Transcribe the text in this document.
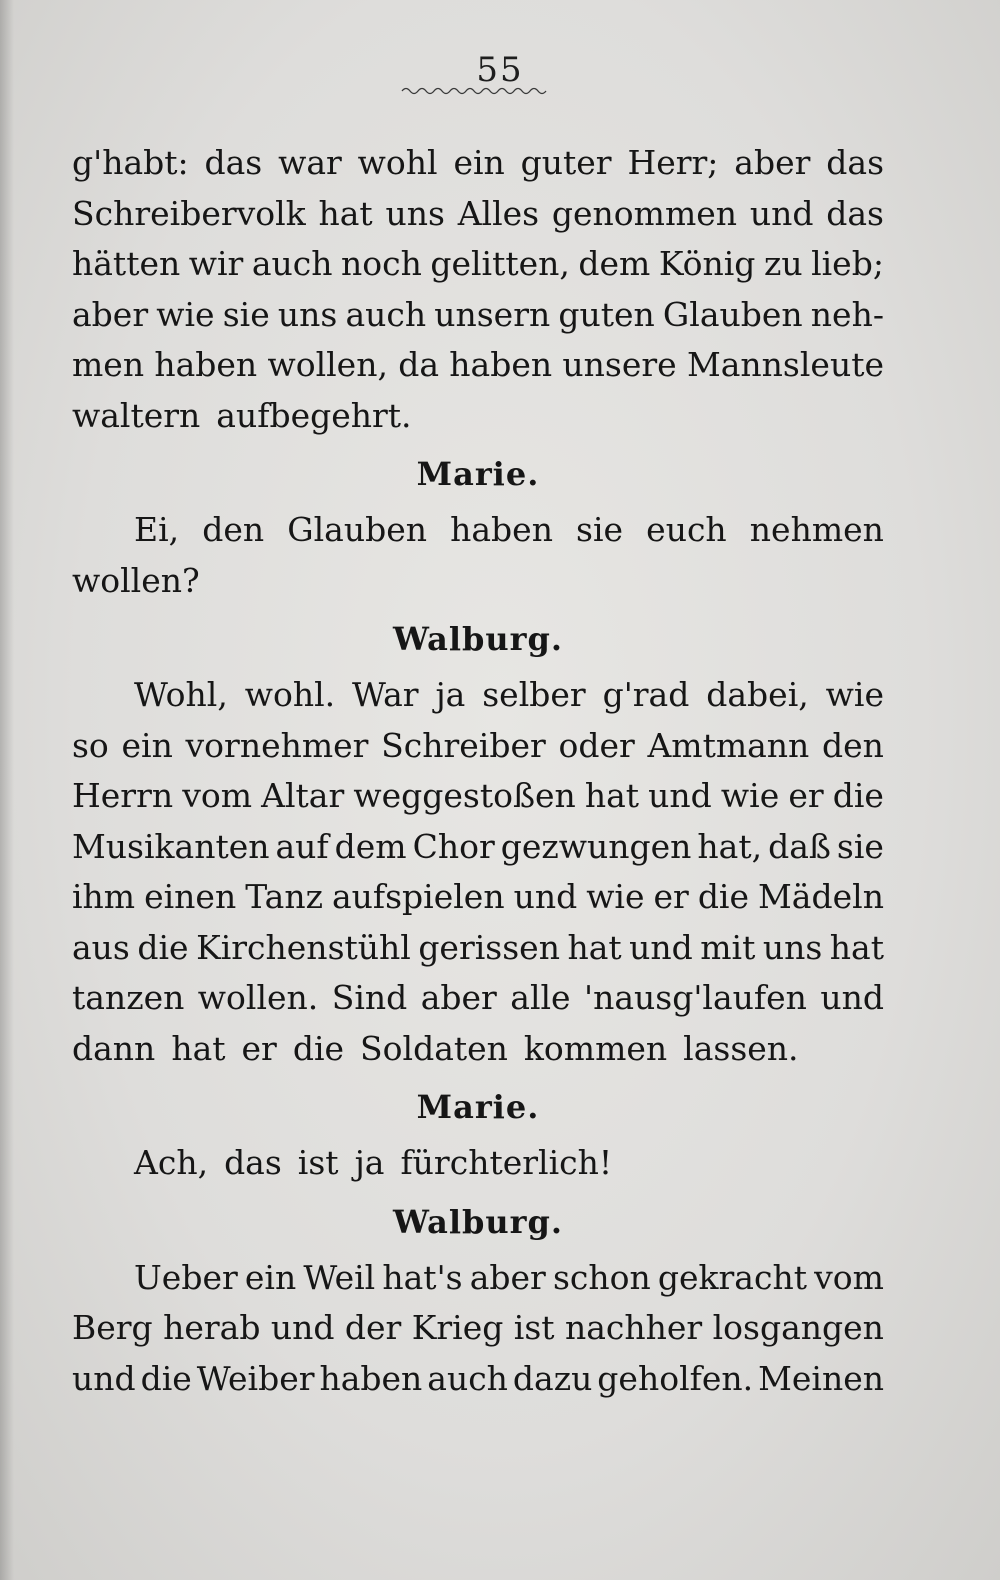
55
g'habt: das war wohl ein guter Herr; aber das
Schreibervolk hat uns Alles genommen und das
hätten wir auch noch gelitten, dem König zu lieb;
aber wie sie uns auch unsern guten Glauben neh-
men haben wollen, da haben unsere Mannsleute
waltern aufbegehrt.
Marie.
Ei, den Glauben haben sie euch nehmen
wollen?
Walburg.
Wohl, wohl. War ja selber g'rad dabei, wie
so ein vornehmer Schreiber oder Amtmann den
Herrn vom Altar weggestoßen hat und wie er die
Musikanten auf dem Chor gezwungen hat, daß sie
ihm einen Tanz aufspielen und wie er die Mädeln
aus die Kirchenstühl gerissen hat und mit uns hat
tanzen wollen. Sind aber alle 'nausg'laufen und
dann hat er die Soldaten kommen lassen.
Marie.
Ach, das ist ja fürchterlich!
Walburg.
Ueber ein Weil hat's aber schon gekracht vom
Berg herab und der Krieg ist nachher losgangen
und die Weiber haben auch dazu geholfen. Meinen
